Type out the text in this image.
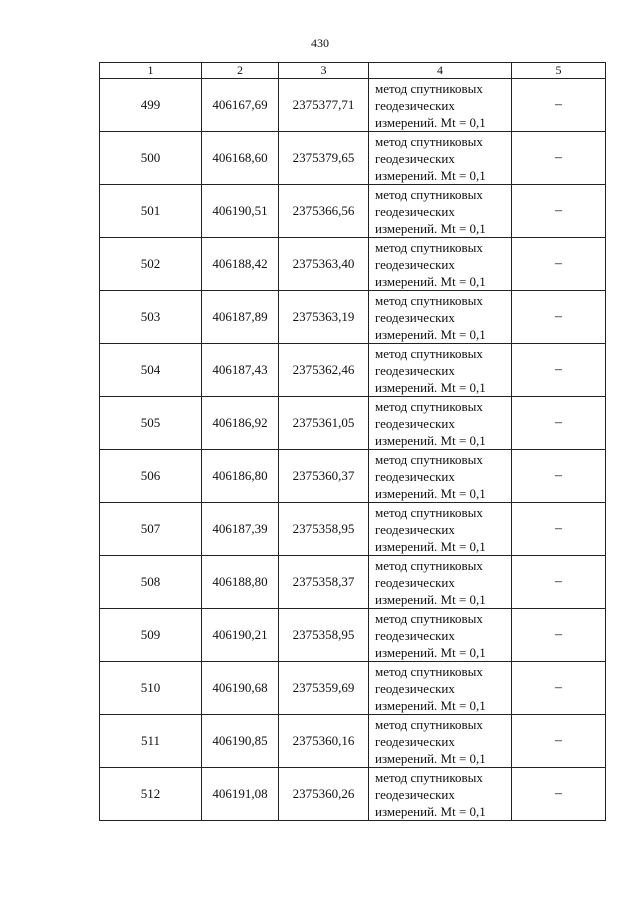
430
1	2	3	4	5
499	406167,69	2375377,71	метод спутниковых
геодезических
измерений. Mt = 0,1	–
500	406168,60	2375379,65	метод спутниковых
геодезических
измерений. Mt = 0,1	–
501	406190,51	2375366,56	метод спутниковых
геодезических
измерений. Mt = 0,1	–
502	406188,42	2375363,40	метод спутниковых
геодезических
измерений. Mt = 0,1	–
503	406187,89	2375363,19	метод спутниковых
геодезических
измерений. Mt = 0,1	–
504	406187,43	2375362,46	метод спутниковых
геодезических
измерений. Mt = 0,1	–
505	406186,92	2375361,05	метод спутниковых
геодезических
измерений. Mt = 0,1	–
506	406186,80	2375360,37	метод спутниковых
геодезических
измерений. Mt = 0,1	–
507	406187,39	2375358,95	метод спутниковых
геодезических
измерений. Mt = 0,1	–
508	406188,80	2375358,37	метод спутниковых
геодезических
измерений. Mt = 0,1	–
509	406190,21	2375358,95	метод спутниковых
геодезических
измерений. Mt = 0,1	–
510	406190,68	2375359,69	метод спутниковых
геодезических
измерений. Mt = 0,1	–
511	406190,85	2375360,16	метод спутниковых
геодезических
измерений. Mt = 0,1	–
512	406191,08	2375360,26	метод спутниковых
геодезических
измерений. Mt = 0,1	–
